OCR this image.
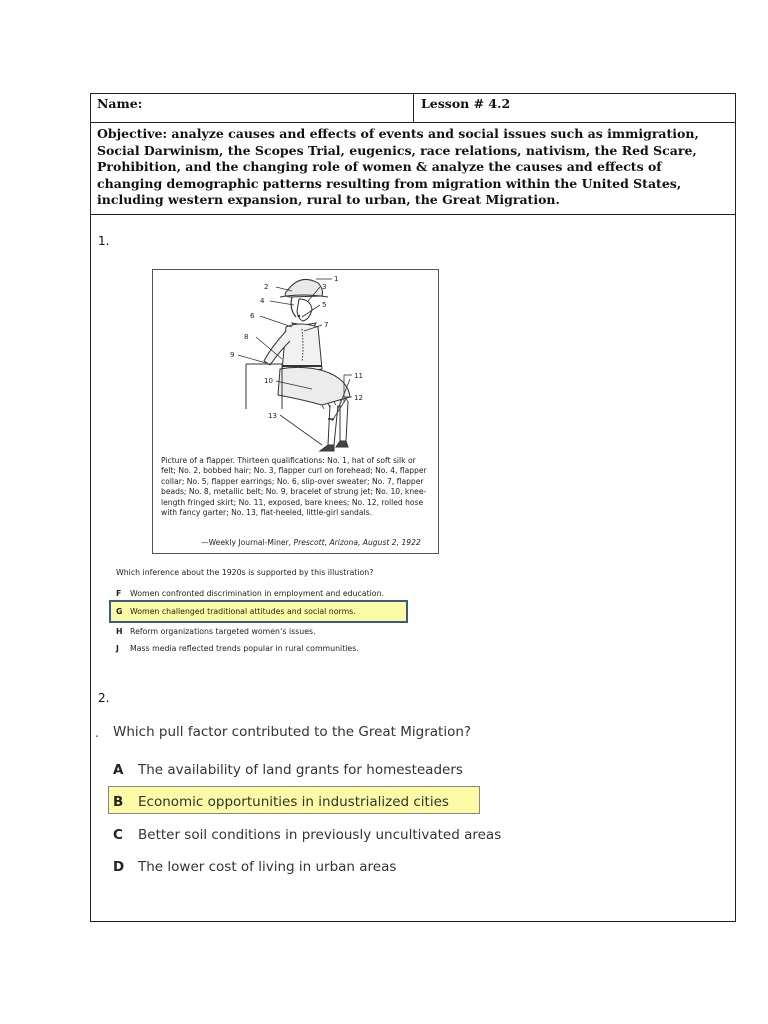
Name:	Lesson # 4.2
Objective: analyze causes and effects of events and social issues such as immigration, Social Darwinism, the Scopes Trial, eugenics, race relations, nativism, the Red Scare, Prohibition, and the changing role of women & analyze the causes and effects of changing demographic patterns resulting from migration within the United States, including western expansion, rural to urban, the Great Migration.
1.
1
2	3
4	5
6
7
8
9
10
11
12
13
Picture of a flapper. Thirteen qualifications: No. 1, hat of soft silk or felt; No. 2, bobbed hair; No. 3, flapper curl on forehead; No. 4, flapper collar; No. 5, flapper earrings; No. 6, slip-over sweater; No. 7, flapper beads; No. 8, metallic belt; No. 9, bracelet of strung jet; No. 10, knee-length fringed skirt; No. 11, exposed, bare knees; No. 12, rolled hose with fancy garter; No. 13, flat-heeled, little-girl sandals.
—Weekly Journal-Miner, Prescott, Arizona, August 2, 1922
Which inference about the 1920s is supported by this illustration?
F Women confronted discrimination in employment and education.
G Women challenged traditional attitudes and social norms.
H Reform organizations targeted women’s issues.
J Mass media reflected trends popular in rural communities.
2.
. Which pull factor contributed to the Great Migration?
A The availability of land grants for homesteaders
B Economic opportunities in industrialized cities
C Better soil conditions in previously uncultivated areas
D The lower cost of living in urban areas
